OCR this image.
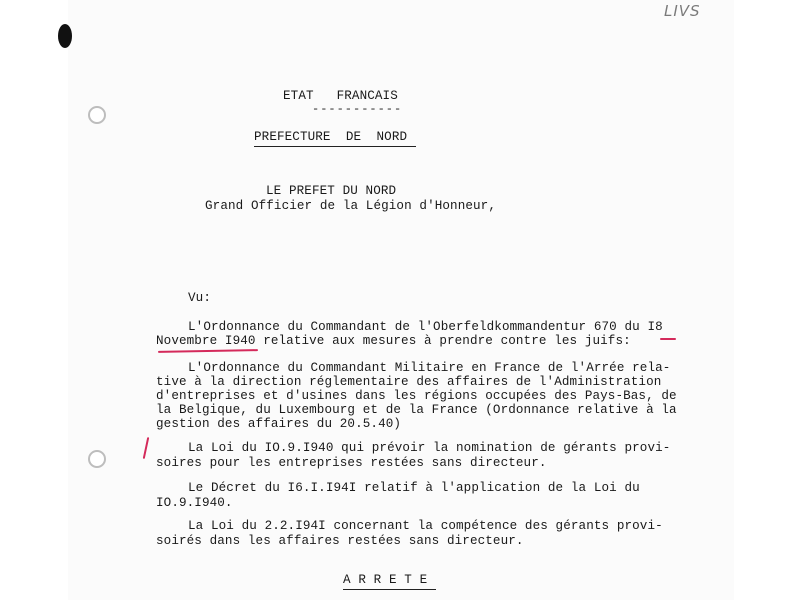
LIVS
ETAT   FRANCAIS
-----------
PREFECTURE  DE  NORD
LE PREFET DU NORD
Grand Officier de la Légion d'Honneur,
Vu:
L'Ordonnance du Commandant de l'Oberfeldkommandentur 670 du I8
Novembre I940 relative aux mesures à prendre contre les juifs:
L'Ordonnance du Commandant Militaire en France de l'Arrée rela-
tive à la direction réglementaire des affaires de l'Administration
d'entreprises et d'usines dans les régions occupées des Pays-Bas, de
la Belgique, du Luxembourg et de la France (Ordonnance relative à la
gestion des affaires du 20.5.40)
La Loi du IO.9.I940 qui prévoir la nomination de gérants provi-
soires pour les entreprises restées sans directeur.
Le Décret du I6.I.I94I relatif à l'application de la Loi du
IO.9.I940.
La Loi du 2.2.I94I concernant la compétence des gérants provi-
soirés dans les affaires restées sans directeur.
A R R E T E
